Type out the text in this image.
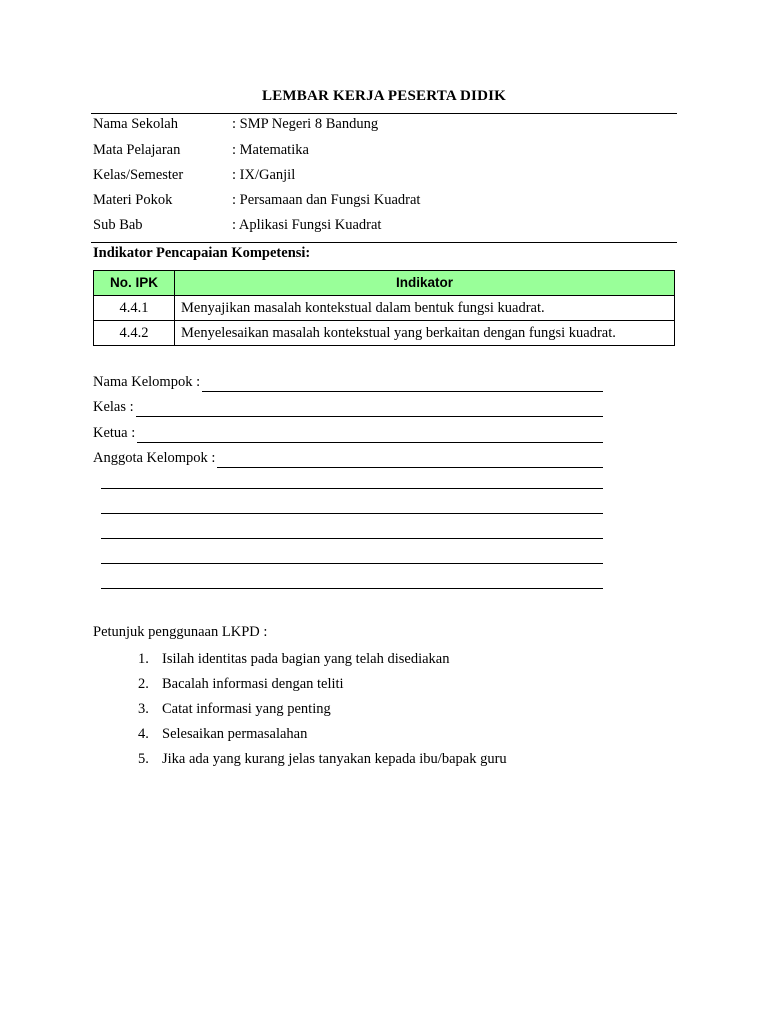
LEMBAR KERJA PESERTA DIDIK
Nama Sekolah	: SMP Negeri 8 Bandung
Mata Pelajaran	: Matematika
Kelas/Semester	: IX/Ganjil
Materi Pokok	: Persamaan dan Fungsi Kuadrat
Sub Bab	: Aplikasi Fungsi Kuadrat
Indikator Pencapaian Kompetensi:
No. IPK	Indikator
4.4.1	Menyajikan masalah kontekstual dalam bentuk fungsi kuadrat.
4.4.2	Menyelesaikan masalah kontekstual yang berkaitan dengan fungsi kuadrat.
Nama Kelompok :
Kelas :
Ketua :
Anggota Kelompok :
Petunjuk penggunaan LKPD :
1. Isilah identitas pada bagian yang telah disediakan
2. Bacalah informasi dengan teliti
3. Catat informasi yang penting
4. Selesaikan permasalahan
5. Jika ada yang kurang jelas tanyakan kepada ibu/bapak guru
